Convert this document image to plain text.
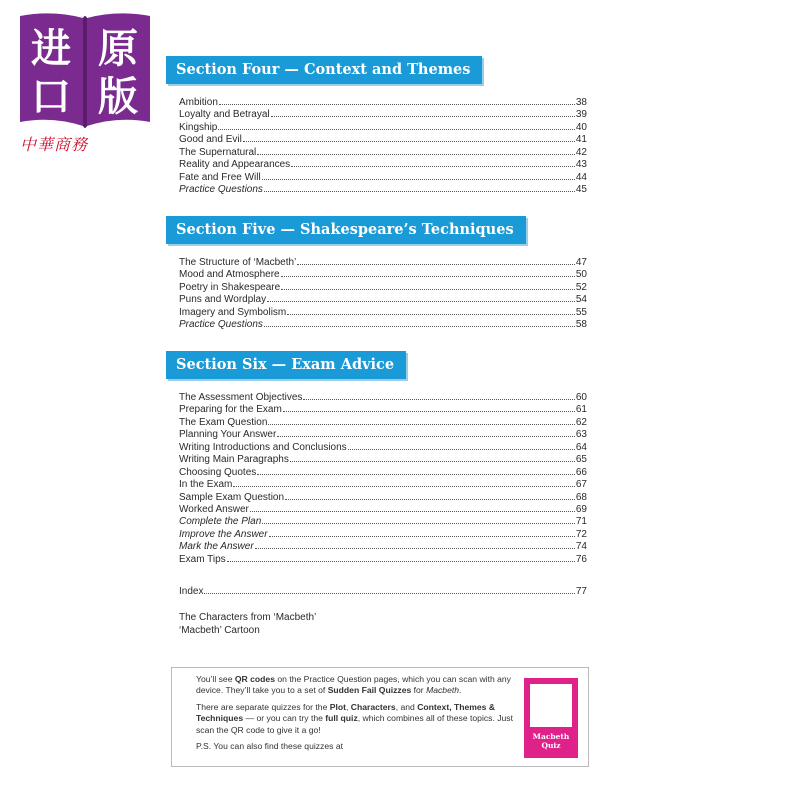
进 原
口 版
中華商務
Section Four — Context and Themes
Ambition	38
Loyalty and Betrayal	39
Kingship	40
Good and Evil	41
The Supernatural	42
Reality and Appearances	43
Fate and Free Will	44
Practice Questions	45
Section Five — Shakespeare’s Techniques
The Structure of ‘Macbeth’	47
Mood and Atmosphere	50
Poetry in Shakespeare	52
Puns and Wordplay	54
Imagery and Symbolism	55
Practice Questions	58
Section Six — Exam Advice
The Assessment Objectives	60
Preparing for the Exam	61
The Exam Question	62
Planning Your Answer	63
Writing Introductions and Conclusions	64
Writing Main Paragraphs	65
Choosing Quotes	66
In the Exam	67
Sample Exam Question	68
Worked Answer	69
Complete the Plan	71
Improve the Answer	72
Mark the Answer	74
Exam Tips	76
Index	77
The Characters from ‘Macbeth’
‘Macbeth’ Cartoon

You’ll see QR codes on the Practice Question pages, which you can scan with any device. They’ll take you to a set of Sudden Fail Quizzes for Macbeth.

There are separate quizzes for the Plot, Characters, and Context, Themes & Techniques — or you can try the full quiz, which combines all of these topics. Just scan the QR code to give it a go!

P.S. You can also find these quizzes at

Macbeth
Quiz
